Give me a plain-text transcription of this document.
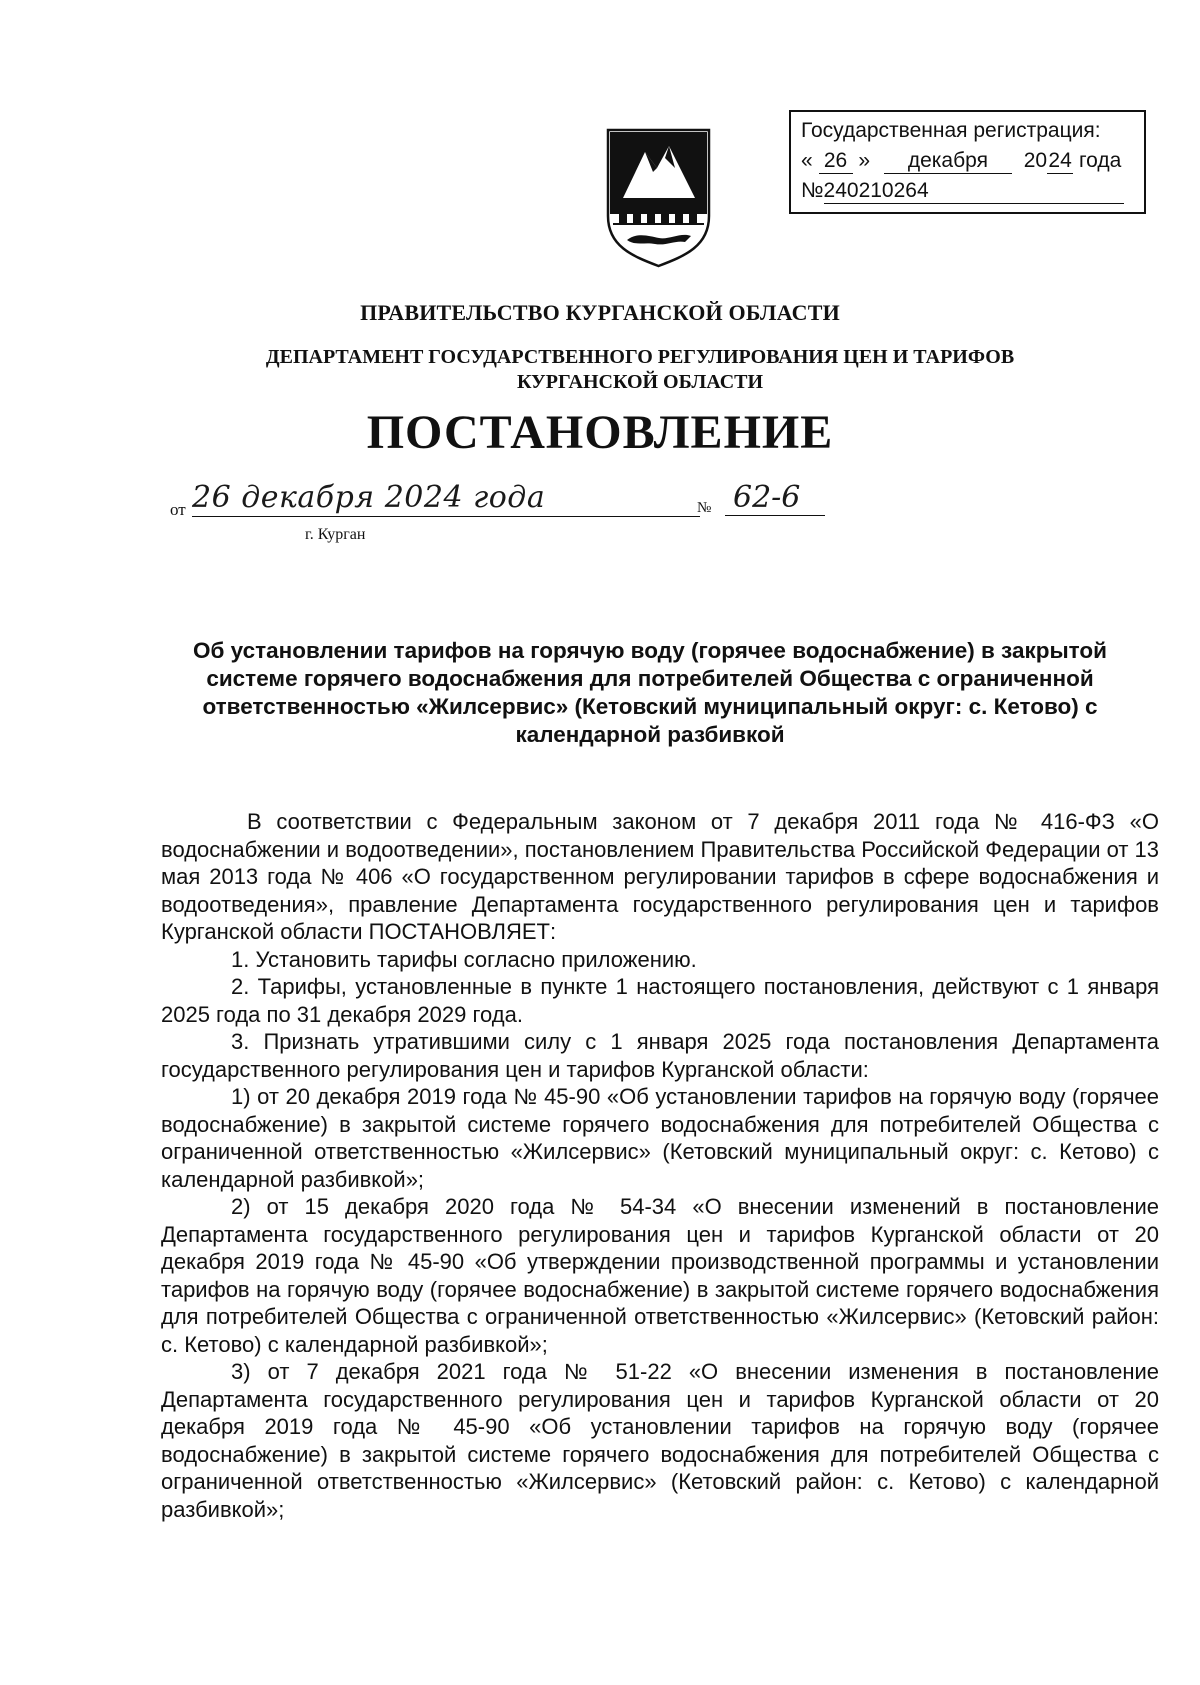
Государственная регистрация:
« 26 » декабря 2024 года
№240210264
ПРАВИТЕЛЬСТВО КУРГАНСКОЙ ОБЛАСТИ
ДЕПАРТАМЕНТ ГОСУДАРСТВЕННОГО РЕГУЛИРОВАНИЯ ЦЕН И ТАРИФОВ КУРГАНСКОЙ ОБЛАСТИ
ПОСТАНОВЛЕНИЕ
от 26 декабря 2024 года	№ 62-6
г. Курган
Об установлении тарифов на горячую воду (горячее водоснабжение) в закрытой системе горячего водоснабжения для потребителей Общества с ограниченной ответственностью «Жилсервис» (Кетовский муниципальный округ: с. Кетово) с календарной разбивкой

В соответствии с Федеральным законом от 7 декабря 2011 года № 416-ФЗ «О водоснабжении и водоотведении», постановлением Правительства Российской Федерации от 13 мая 2013 года № 406 «О государственном регулировании тарифов в сфере водоснабжения и водоотведения», правление Департамента государственного регулирования цен и тарифов Курганской области ПОСТАНОВЛЯЕТ:

1. Установить тарифы согласно приложению.

2. Тарифы, установленные в пункте 1 настоящего постановления, действуют с 1 января 2025 года по 31 декабря 2029 года.

3. Признать утратившими силу с 1 января 2025 года постановления Департамента государственного регулирования цен и тарифов Курганской области:

1) от 20 декабря 2019 года № 45-90 «Об установлении тарифов на горячую воду (горячее водоснабжение) в закрытой системе горячего водоснабжения для потребителей Общества с ограниченной ответственностью «Жилсервис» (Кетовский муниципальный округ: с. Кетово) с календарной разбивкой»;

2) от 15 декабря 2020 года № 54-34 «О внесении изменений в постановление Департамента государственного регулирования цен и тарифов Курганской области от 20 декабря 2019 года № 45-90 «Об утверждении производственной программы и установлении тарифов на горячую воду (горячее водоснабжение) в закрытой системе горячего водоснабжения для потребителей Общества с ограниченной ответственностью «Жилсервис» (Кетовский район: с. Кетово) с календарной разбивкой»;

3) от 7 декабря 2021 года № 51-22 «О внесении изменения в постановление Департамента государственного регулирования цен и тарифов Курганской области от 20 декабря 2019 года № 45-90 «Об установлении тарифов на горячую воду (горячее водоснабжение) в закрытой системе горячего водоснабжения для потребителей Общества с ограниченной ответственностью «Жилсервис» (Кетовский район: с. Кетово) с календарной разбивкой»;
